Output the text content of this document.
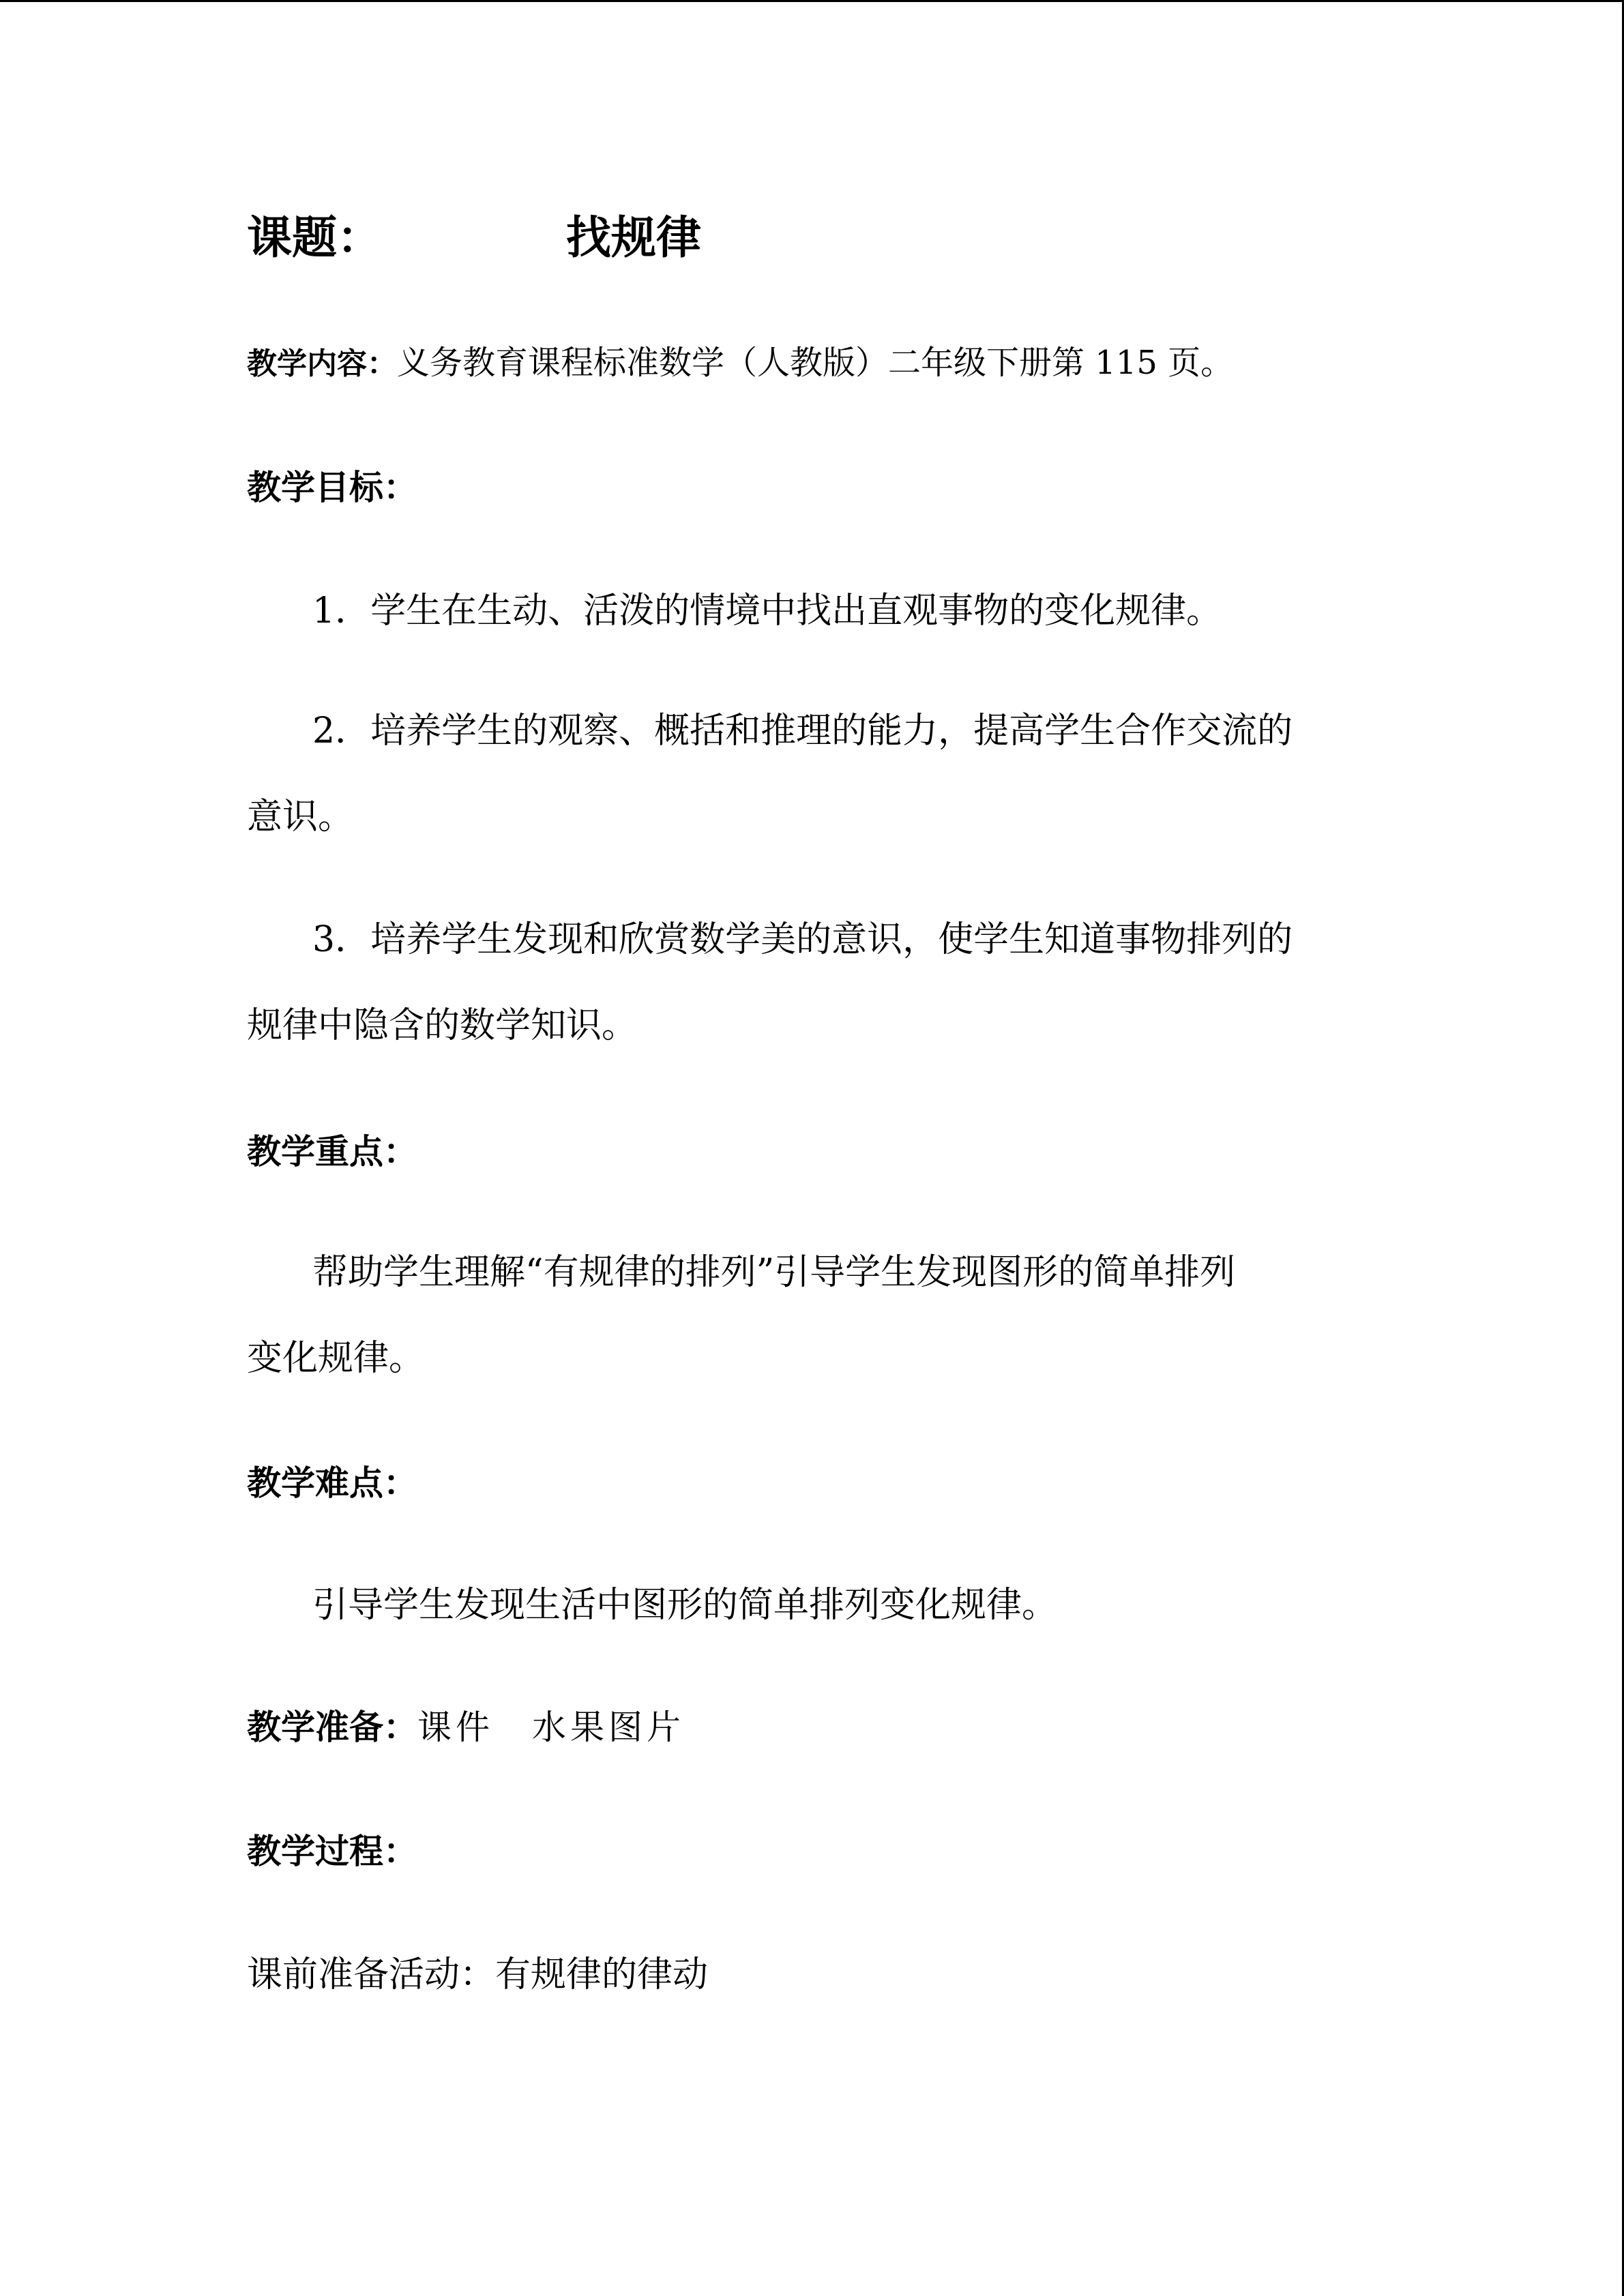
课题：	找规律
教学内容：义务教育课程标准数学（人教版）二年级下册第 115 页。
教学目标：
1．学生在生动、活泼的情境中找出直观事物的变化规律。
2．培养学生的观察、概括和推理的能力，提高学生合作交流的
意识。
3．培养学生发现和欣赏数学美的意识，使学生知道事物排列的
规律中隐含的数学知识。
教学重点：
帮助学生理解“有规律的排列”引导学生发现图形的简单排列
变化规律。
教学难点：
引导学生发现生活中图形的简单排列变化规律。
教学准备：课件　水果图片
教学过程：
课前准备活动：有规律的律动
